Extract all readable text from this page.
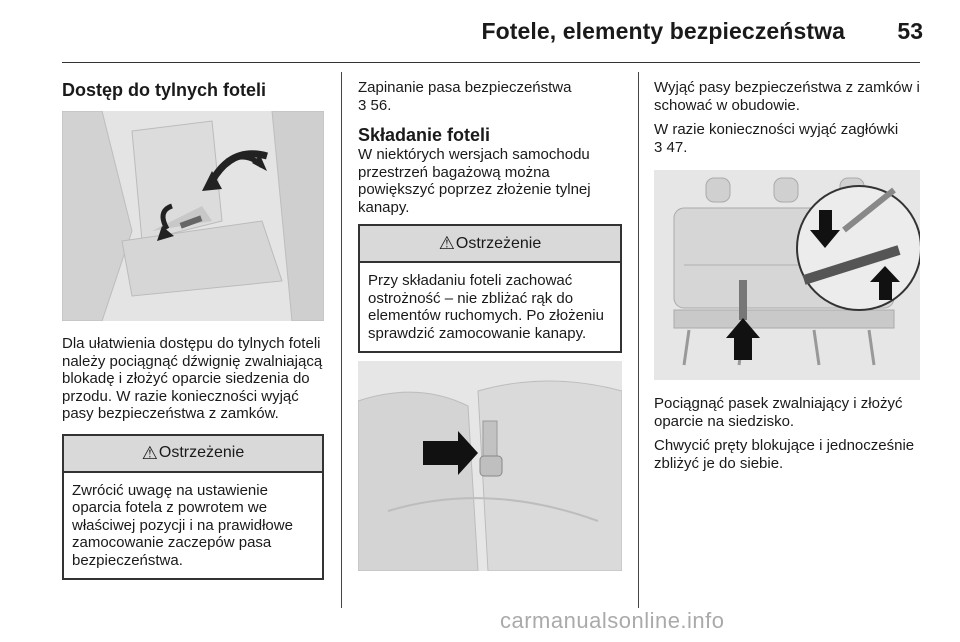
Fotele, elementy bezpieczeństwa 53
Dostęp do tylnych foteli

Dla ułatwienia dostępu do tylnych foteli należy pociągnąć dźwignię zwalniającą blokadę i złożyć oparcie siedzenia do przodu. W razie konieczności wyjąć pasy bezpieczeństwa z zamków.

⚠ Ostrzeżenie
Zwrócić uwagę na ustawienie oparcia fotela z powrotem we właściwej pozycji i na prawidłowe zamocowanie zaczepów pasa bezpieczeństwa.

Zapinanie pasa bezpieczeństwa

3 56.

Składanie foteli

W niektórych wersjach samochodu przestrzeń bagażową można powiększyć poprzez złożenie tylnej kanapy.

⚠ Ostrzeżenie
Przy składaniu foteli zachować ostrożność – nie zbliżać rąk do elementów ruchomych. Po złożeniu sprawdzić zamocowanie kanapy.

Wyjąć pasy bezpieczeństwa z zamków i schować w obudowie.

W razie konieczności wyjąć zagłówki

3 47.

Pociągnąć pasek zwalniający i złożyć oparcie na siedzisko.

Chwycić pręty blokujące i jednocześnie zbliżyć je do siebie.

carmanualsonline.info
